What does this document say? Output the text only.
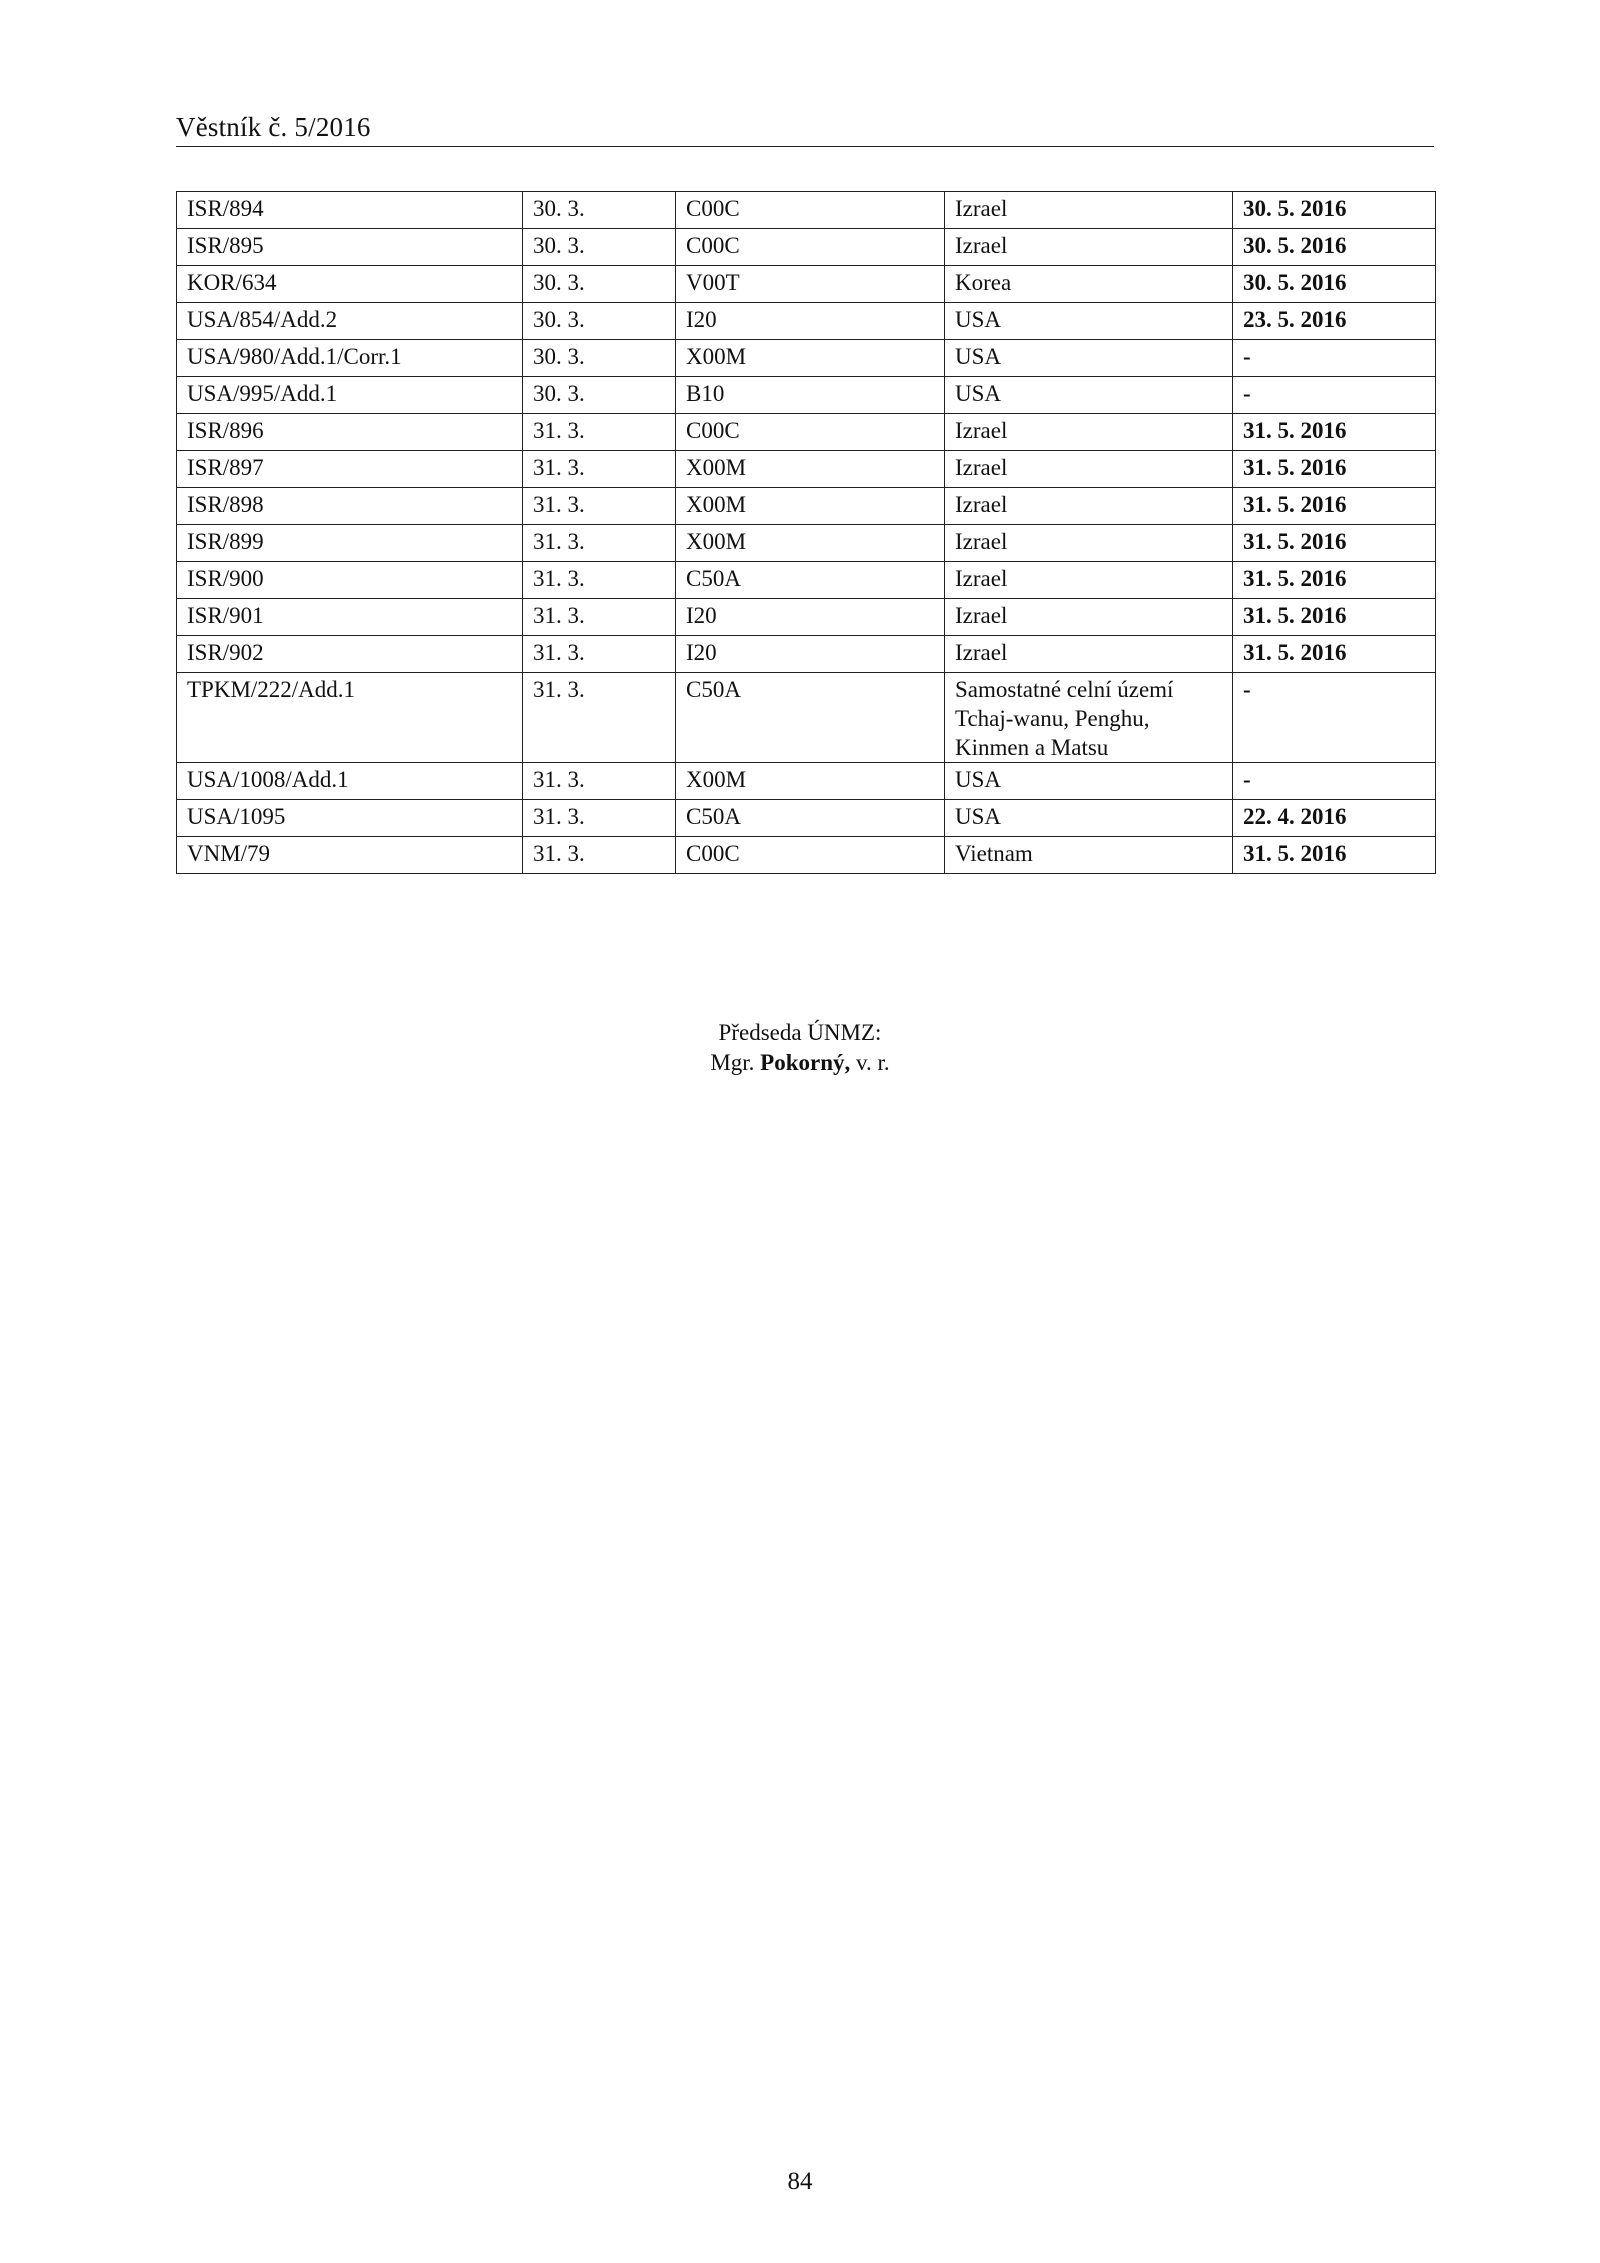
Věstník č. 5/2016
ISR/894	30. 3.	C00C	Izrael	30. 5. 2016
ISR/895	30. 3.	C00C	Izrael	30. 5. 2016
KOR/634	30. 3.	V00T	Korea	30. 5. 2016
USA/854/Add.2	30. 3.	I20	USA	23. 5. 2016
USA/980/Add.1/Corr.1	30. 3.	X00M	USA	-
USA/995/Add.1	30. 3.	B10	USA	-
ISR/896	31. 3.	C00C	Izrael	31. 5. 2016
ISR/897	31. 3.	X00M	Izrael	31. 5. 2016
ISR/898	31. 3.	X00M	Izrael	31. 5. 2016
ISR/899	31. 3.	X00M	Izrael	31. 5. 2016
ISR/900	31. 3.	C50A	Izrael	31. 5. 2016
ISR/901	31. 3.	I20	Izrael	31. 5. 2016
ISR/902	31. 3.	I20	Izrael	31. 5. 2016
TPKM/222/Add.1	31. 3.	C50A	Samostatné celní území
Tchaj-wanu, Penghu,
Kinmen a Matsu	-
USA/1008/Add.1	31. 3.	X00M	USA	-
USA/1095	31. 3.	C50A	USA	22. 4. 2016
VNM/79	31. 3.	C00C	Vietnam	31. 5. 2016
Předseda ÚNMZ:
Mgr. Pokorný, v. r.
84
